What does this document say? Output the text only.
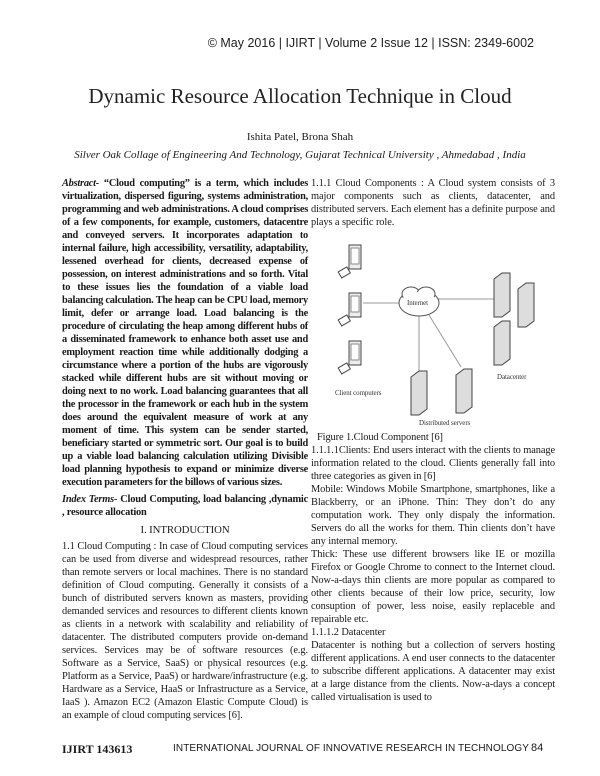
© May 2016 | IJIRT | Volume 2 Issue 12 | ISSN: 2349-6002
Dynamic Resource Allocation Technique in Cloud
Ishita Patel, Brona Shah
Silver Oak Collage of Engineering And Technology, Gujarat Technical University , Ahmedabad , India

Abstract- “Cloud computing” is a term, which includes virtualization, dispersed figuring, systems administration, programming and web administrations. A cloud comprises of a few components, for example, customers, datacentre and conveyed servers. It incorporates adaptation to internal failure, high accessibility, versatility, adaptability, lessened overhead for clients, decreased expense of possession, on interest administrations and so forth. Vital to these issues lies the foundation of a viable load balancing calculation. The heap can be CPU load, memory limit, defer or arrange load. Load balancing is the procedure of circulating the heap among different hubs of a disseminated framework to enhance both asset use and employment reaction time while additionally dodging a circumstance where a portion of the hubs are vigorously stacked while different hubs are sit without moving or doing next to no work. Load balancing guarantees that all the processor in the framework or each hub in the system does around the equivalent measure of work at any moment of time. This system can be sender started, beneficiary started or symmetric sort. Our goal is to build up a viable load balancing calculation utilizing Divisible load planning hypothesis to expand or minimize diverse execution parameters for the billows of various sizes.

Index Terms- Cloud Computing, load balancing ,dynamic , resource allocation

I. INTRODUCTION

1.1 Cloud Computing : In case of Cloud computing services can be used from diverse and widespread resources, rather than remote servers or local machines. There is no standard definition of Cloud computing. Generally it consists of a bunch of distributed servers known as masters, providing demanded services and resources to different clients known as clients in a network with scalability and reliability of datacenter. The distributed computers provide on-demand services. Services may be of software resources (e.g. Software as a Service, SaaS) or physical resources (e.g. Platform as a Service, PaaS) or hardware/infrastructure (e.g. Hardware as a Service, HaaS or Infrastructure as a Service, IaaS ). Amazon EC2 (Amazon Elastic Compute Cloud) is an example of cloud computing services [6].

1.1.1 Cloud Components : A Cloud system consists of 3 major components such as clients, datacenter, and distributed servers. Each element has a definite purpose and plays a specific role.

Client computers
Internet
Datacenter
Distributed servers

Figure 1.Cloud Component [6]

1.1.1.1Clients: End users interact with the clients to manage information related to the cloud. Clients generally fall into three categories as given in [6]

Mobile: Windows Mobile Smartphone, smartphones, like a Blackberry, or an iPhone. Thin: They don’t do any computation work. They only dispaly the information. Servers do all the works for them. Thin clients don’t have any internal memory.

Thick: These use different browsers like IE or mozilla Firefox or Google Chrome to connect to the Internet cloud. Now-a-days thin clients are more popular as compared to other clients because of their low price, security, low consuption of power, less noise, easily replaceble and repairable etc.

1.1.1.2 Datacenter

Datacenter is nothing but a collection of servers hosting different applications. A end user connects to the datacenter to subscribe different applications. A datacenter may exist at a large distance from the clients. Now-a-days a concept called virtualisation is used to

IJIRT 143613	INTERNATIONAL JOURNAL OF INNOVATIVE RESEARCH IN TECHNOLOGY 84
